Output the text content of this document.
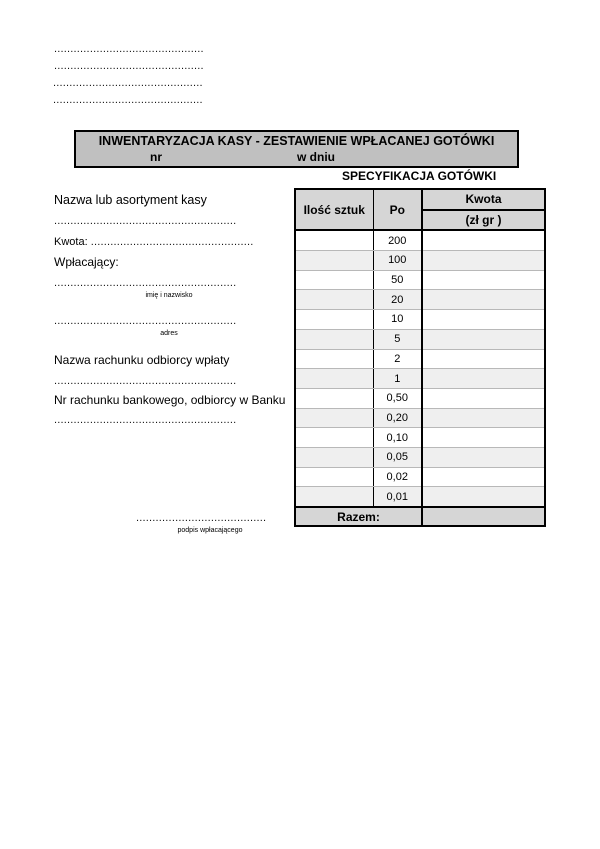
..............................................
..............................................
..............................................
..............................................
INWENTARYZACJA KASY - ZESTAWIENIE WPŁACANEJ GOTÓWKI
nr	w dniu
SPECYFIKACJA GOTÓWKI
Nazwa lub asortyment kasy
........................................................
Kwota: ..................................................
Wpłacający:
........................................................
imię i nazwisko
........................................................
adres
Nazwa rachunku odbiorcy wpłaty
........................................................
Nr rachunku bankowego, odbiorcy w Banku
........................................................
........................................
podpis wpłacającego
Ilość sztuk	Po	Kwota
		(zł gr )
	200	
	100	
	50	
	20	
	10	
	5	
	2	
	1	
	0,50	
	0,20	
	0,10	
	0,05	
	0,02	
	0,01	
Razem:		
